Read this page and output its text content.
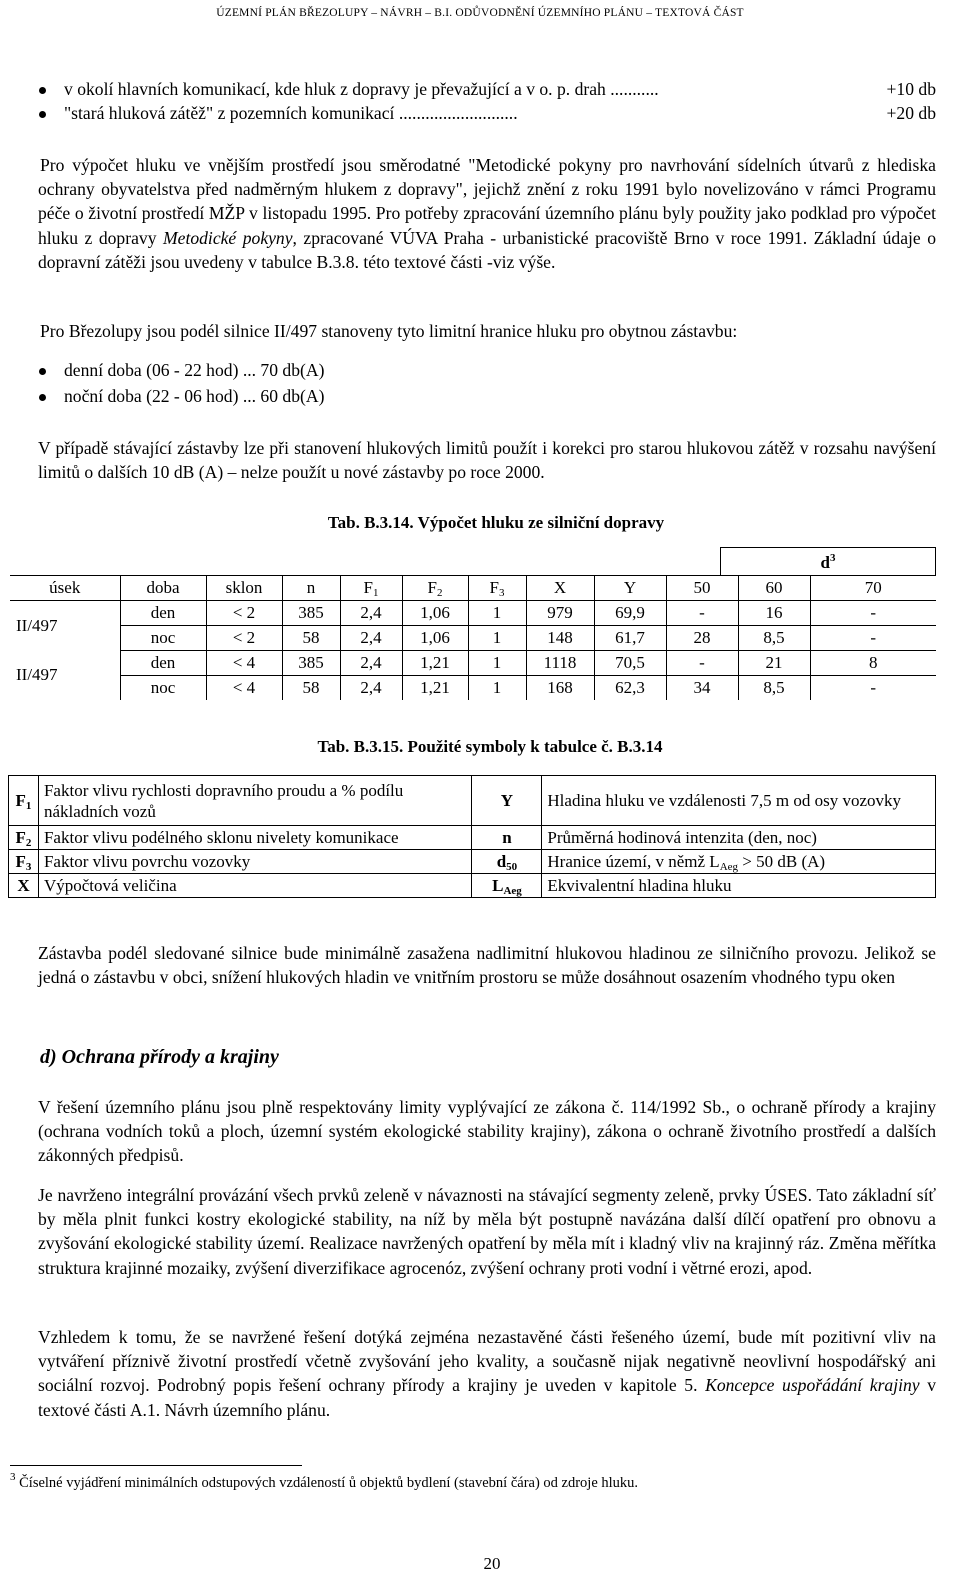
ÚZEMNÍ PLÁN BŘEZOLUPY – NÁVRH – B.I. ODŮVODNĚNÍ ÚZEMNÍHO PLÁNU – TEXTOVÁ ČÁST
v okolí hlavních komunikací, kde hluk z dopravy je převažující a v o. p. drah ...........	+10 db
"stará hluková zátěž" z pozemních komunikací ...........................	+20 db
Pro výpočet hluku ve vnějším prostředí jsou směrodatné "Metodické pokyny pro navrhování sídelních útvarů z hlediska ochrany obyvatelstva před nadměrným hlukem z dopravy", jejichž znění z roku 1991 bylo novelizováno v rámci Programu péče o životní prostředí MŽP v listopadu 1995. Pro potřeby zpracování územního plánu byly použity jako podklad pro výpočet hluku z dopravy Metodické pokyny, zpracované VÚVA Praha - urbanistické pracoviště Brno v roce 1991. Základní údaje o dopravní zátěži jsou uvedeny v tabulce B.3.8. této textové části -viz výše.
Pro Březolupy jsou podél silnice II/497 stanoveny tyto limitní hranice hluku pro obytnou zástavbu:
denní doba (06 - 22 hod) ... 70 db(A)
noční doba (22 - 06 hod) ... 60 db(A)
V případě stávající zástavby lze při stanovení hlukových limitů použít i korekci pro starou hlukovou zátěž v rozsahu navýšení limitů o dalších 10 dB (A) – nelze použít u nové zástavby po roce 2000.
Tab. B.3.14. Výpočet hluku ze silniční dopravy
$d^3$
úsek	doba	sklon	n	$F_1$	$F_2$	$F_3$	X	Y	50	60	70
II/497	den	< 2	385	2,4	1,06	1	979	69,9	-	16	-
	noc	< 2	58	2,4	1,06	1	148	61,7	28	8,5	-
II/497	den	< 4	385	2,4	1,21	1	1118	70,5	-	21	8
	noc	< 4	58	2,4	1,21	1	168	62,3	34	8,5	-
Tab. B.3.15. Použité symboly k tabulce č. B.3.14
$F_1$	Faktor vlivu rychlosti dopravního proudu a % podílu nákladních vozů	Y	Hladina hluku ve vzdálenosti 7,5 m od osy vozovky
$F_2$	Faktor vlivu podélného sklonu nivelety komunikace	n	Průměrná hodinová intenzita (den, noc)
$F_3$	Faktor vlivu povrchu vozovky	$d_{50}$	Hranice území, v němž $L_{Aeg} > 50$ dB (A)
X	Výpočtová veličina	$L_{Aeg}$	Ekvivalentní hladina hluku
Zástavba podél sledované silnice bude minimálně zasažena nadlimitní hlukovou hladinou ze silničního provozu. Jelikož se jedná o zástavbu v obci, snížení hlukových hladin ve vnitřním prostoru se může dosáhnout osazením vhodného typu oken
d) Ochrana přírody a krajiny
V řešení územního plánu jsou plně respektovány limity vyplývající ze zákona č. 114/1992 Sb., o ochraně přírody a krajiny (ochrana vodních toků a ploch, územní systém ekologické stability krajiny), zákona o ochraně životního prostředí a dalších zákonných předpisů.
Je navrženo integrální provázání všech prvků zeleně v návaznosti na stávající segmenty zeleně, prvky ÚSES. Tato základní síť by měla plnit funkci kostry ekologické stability, na níž by měla být postupně navázána další dílčí opatření pro obnovu a zvyšování ekologické stability území. Realizace navržených opatření by měla mít i kladný vliv na krajinný ráz. Změna měřítka struktura krajinné mozaiky, zvýšení diverzifikace agrocenóz, zvýšení ochrany proti vodní i větrné erozi, apod.
Vzhledem k tomu, že se navržené řešení dotýká zejména nezastavěné části řešeného území, bude mít pozitivní vliv na vytváření příznivě životní prostředí včetně zvyšování jeho kvality, a současně nijak negativně neovlivní hospodářský ani sociální rozvoj. Podrobný popis řešení ochrany přírody a krajiny je uveden v kapitole 5. Koncepce uspořádání krajiny v textové části A.1. Návrh územního plánu.
$^3$ Číselné vyjádření minimálních odstupových vzdáleností ů objektů bydlení (stavební čára) od zdroje hluku.
20
